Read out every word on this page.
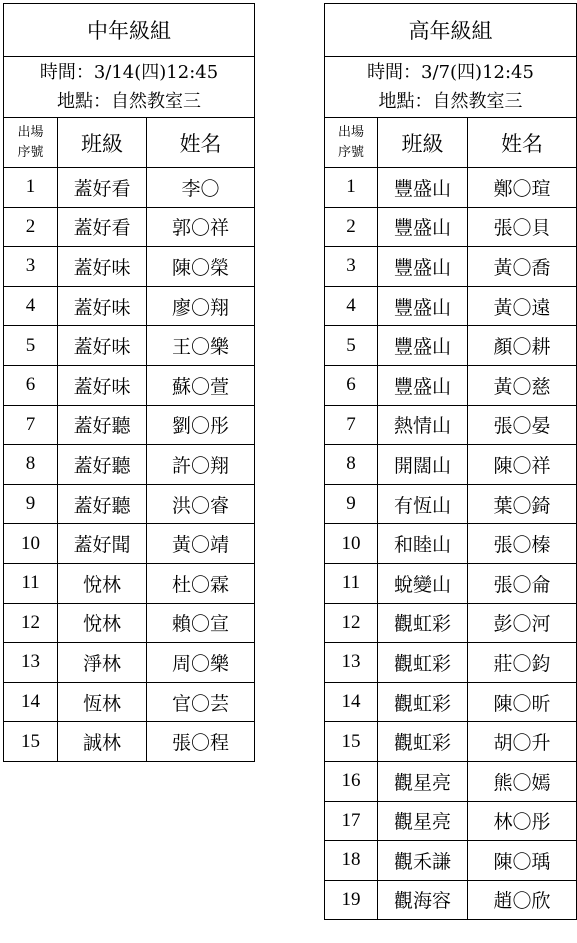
中年級組		

時間：3/14(四)12:45
地點：自然教室三		

出場
序號	班級	姓名
1	蓋好看	李〇
2	蓋好看	郭〇祥
3	蓋好味	陳〇榮
4	蓋好味	廖〇翔
5	蓋好味	王〇樂
6	蓋好味	蘇〇萱
7	蓋好聽	劉〇彤
8	蓋好聽	許〇翔
9	蓋好聽	洪〇睿
10	蓋好聞	黃〇靖
11	悅林	杜〇霖
12	悅林	賴〇宣
13	淨林	周〇樂
14	恆林	官〇芸
15	誠林	張〇程
高年級組		

時間：3/7(四)12:45
地點：自然教室三		

出場
序號	班級	姓名
1	豐盛山	鄭〇瑄
2	豐盛山	張〇貝
3	豐盛山	黃〇喬
4	豐盛山	黃〇遠
5	豐盛山	顏〇耕
6	豐盛山	黃〇慈
7	熱情山	張〇晏
8	開闊山	陳〇祥
9	有恆山	葉〇錡
10	和睦山	張〇榛
11	蛻變山	張〇侖
12	觀虹彩	彭〇河
13	觀虹彩	莊〇鈞
14	觀虹彩	陳〇昕
15	觀虹彩	胡〇升
16	觀星亮	熊〇嫣
17	觀星亮	林〇彤
18	觀禾謙	陳〇瑀
19	觀海容	趙〇欣
